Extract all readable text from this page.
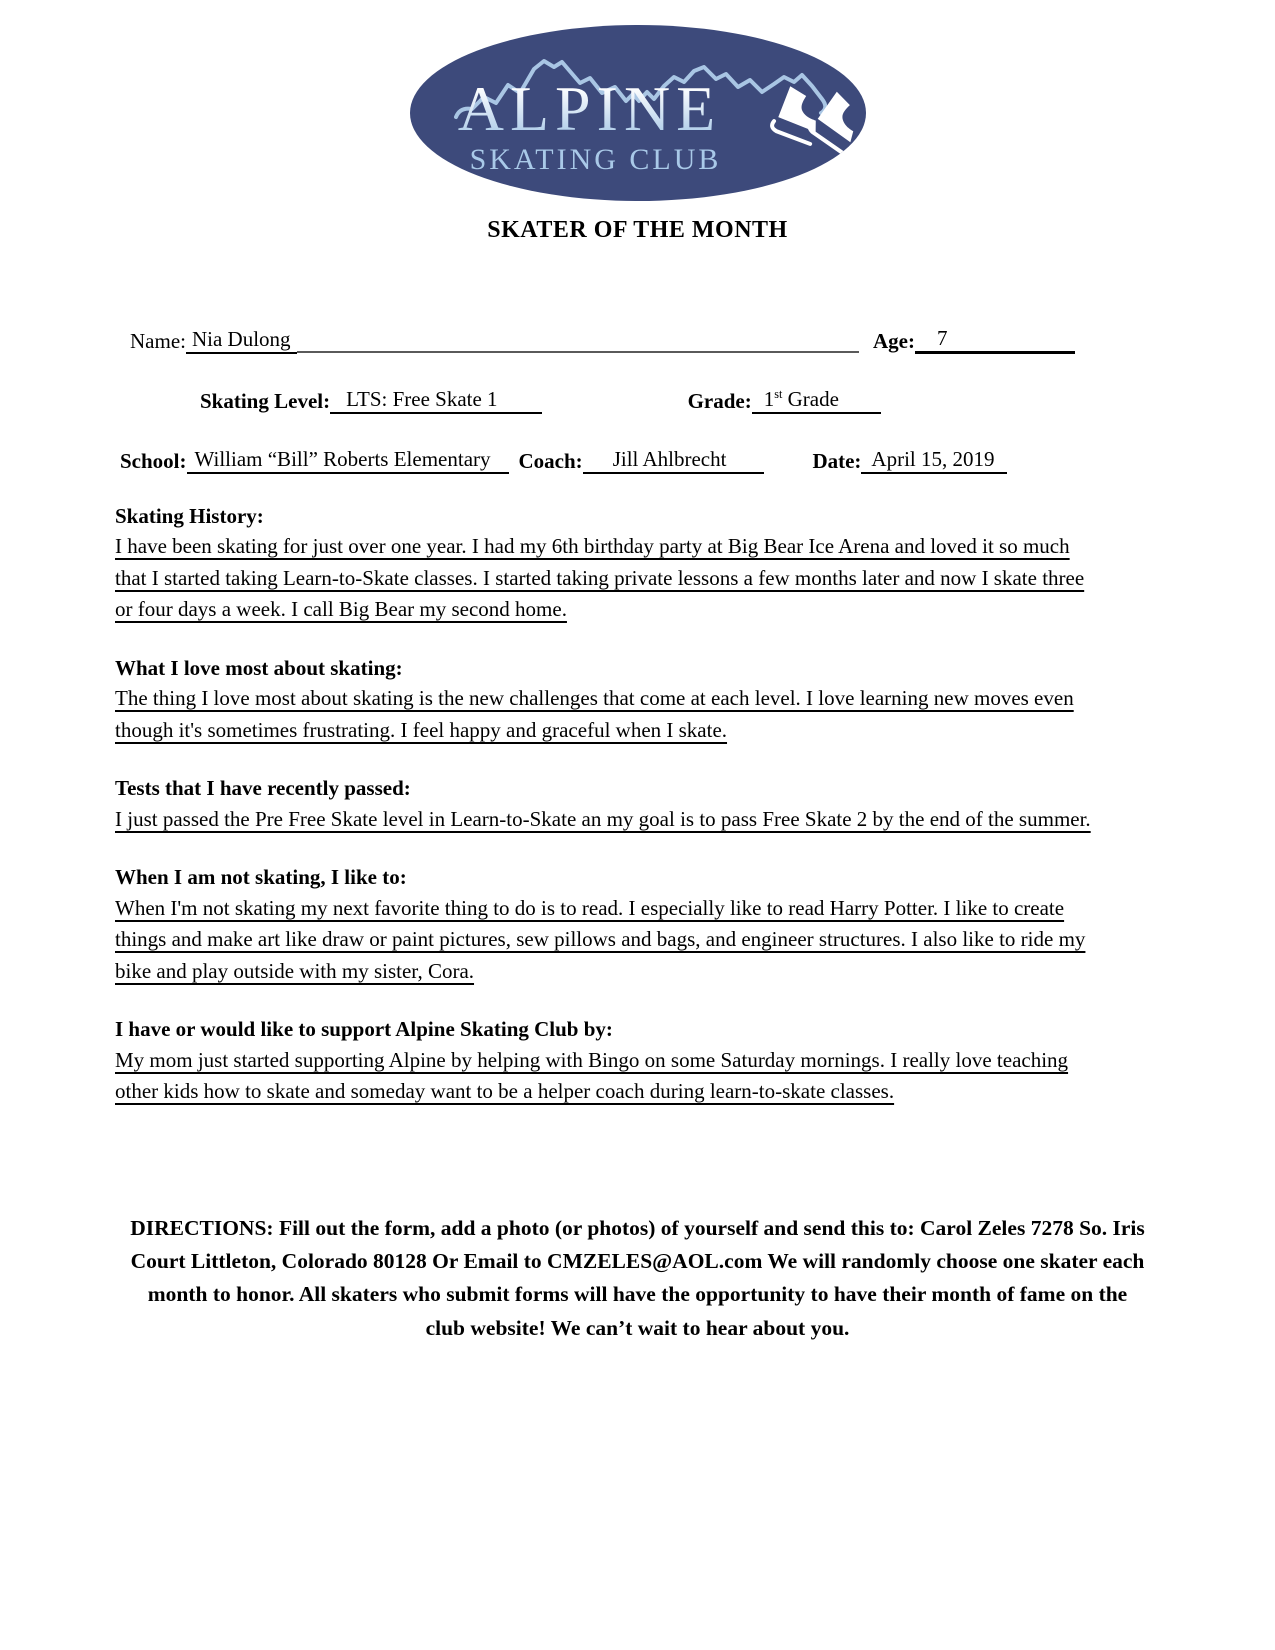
ALPINE
SKATING CLUB
SKATER OF THE MONTH
Name: Nia Dulong	Age:	7
Skating Level: LTS: Free Skate 1	Grade: 1st Grade
School: William “Bill” Roberts Elementary	Coach:	Jill Ahlbrecht	Date: April 15, 2019
Skating History:
I have been skating for just over one year. I had my 6th birthday party at Big Bear Ice Arena and loved it so much that I started taking Learn-to-Skate classes. I started taking private lessons a few months later and now I skate three or four days a week. I call Big Bear my second home.
What I love most about skating:
The thing I love most about skating is the new challenges that come at each level. I love learning new moves even though it's sometimes frustrating. I feel happy and graceful when I skate.
Tests that I have recently passed:
I just passed the Pre Free Skate level in Learn-to-Skate an my goal is to pass Free Skate 2 by the end of the summer.
When I am not skating, I like to:
When I'm not skating my next favorite thing to do is to read. I especially like to read Harry Potter. I like to create things and make art like draw or paint pictures, sew pillows and bags, and engineer structures. I also like to ride my bike and play outside with my sister, Cora.
I have or would like to support Alpine Skating Club by:
My mom just started supporting Alpine by helping with Bingo on some Saturday mornings. I really love teaching other kids how to skate and someday want to be a helper coach during learn-to-skate classes.
DIRECTIONS: Fill out the form, add a photo (or photos) of yourself and send this to: Carol Zeles 7278 So. Iris Court Littleton, Colorado 80128 Or Email to CMZELES@AOL.com We will randomly choose one skater each month to honor. All skaters who submit forms will have the opportunity to have their month of fame on the club website! We can’t wait to hear about you.
